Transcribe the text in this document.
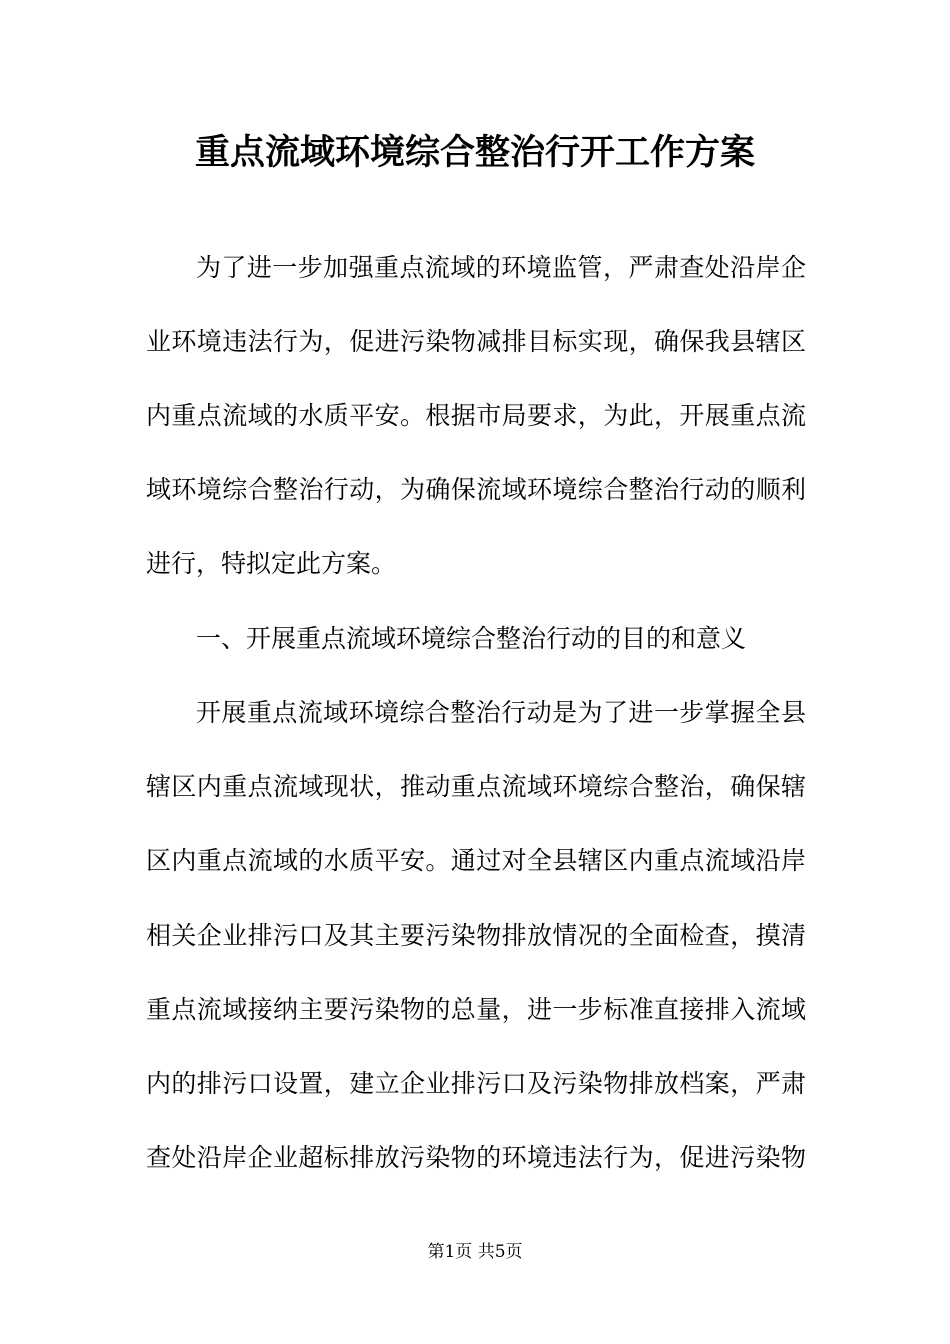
重点流域环境综合整治行开工作方案
为了进一步加强重点流域的环境监管，严肃查处沿岸企
业环境违法行为，促进污染物减排目标实现，确保我县辖区
内重点流域的水质平安。根据市局要求，为此，开展重点流
域环境综合整治行动，为确保流域环境综合整治行动的顺利
进行，特拟定此方案。
一、开展重点流域环境综合整治行动的目的和意义
开展重点流域环境综合整治行动是为了进一步掌握全县
辖区内重点流域现状，推动重点流域环境综合整治，确保辖
区内重点流域的水质平安。通过对全县辖区内重点流域沿岸
相关企业排污口及其主要污染物排放情况的全面检查，摸清
重点流域接纳主要污染物的总量，进一步标准直接排入流域
内的排污口设置，建立企业排污口及污染物排放档案，严肃
查处沿岸企业超标排放污染物的环境违法行为，促进污染物
第1页 共5页
